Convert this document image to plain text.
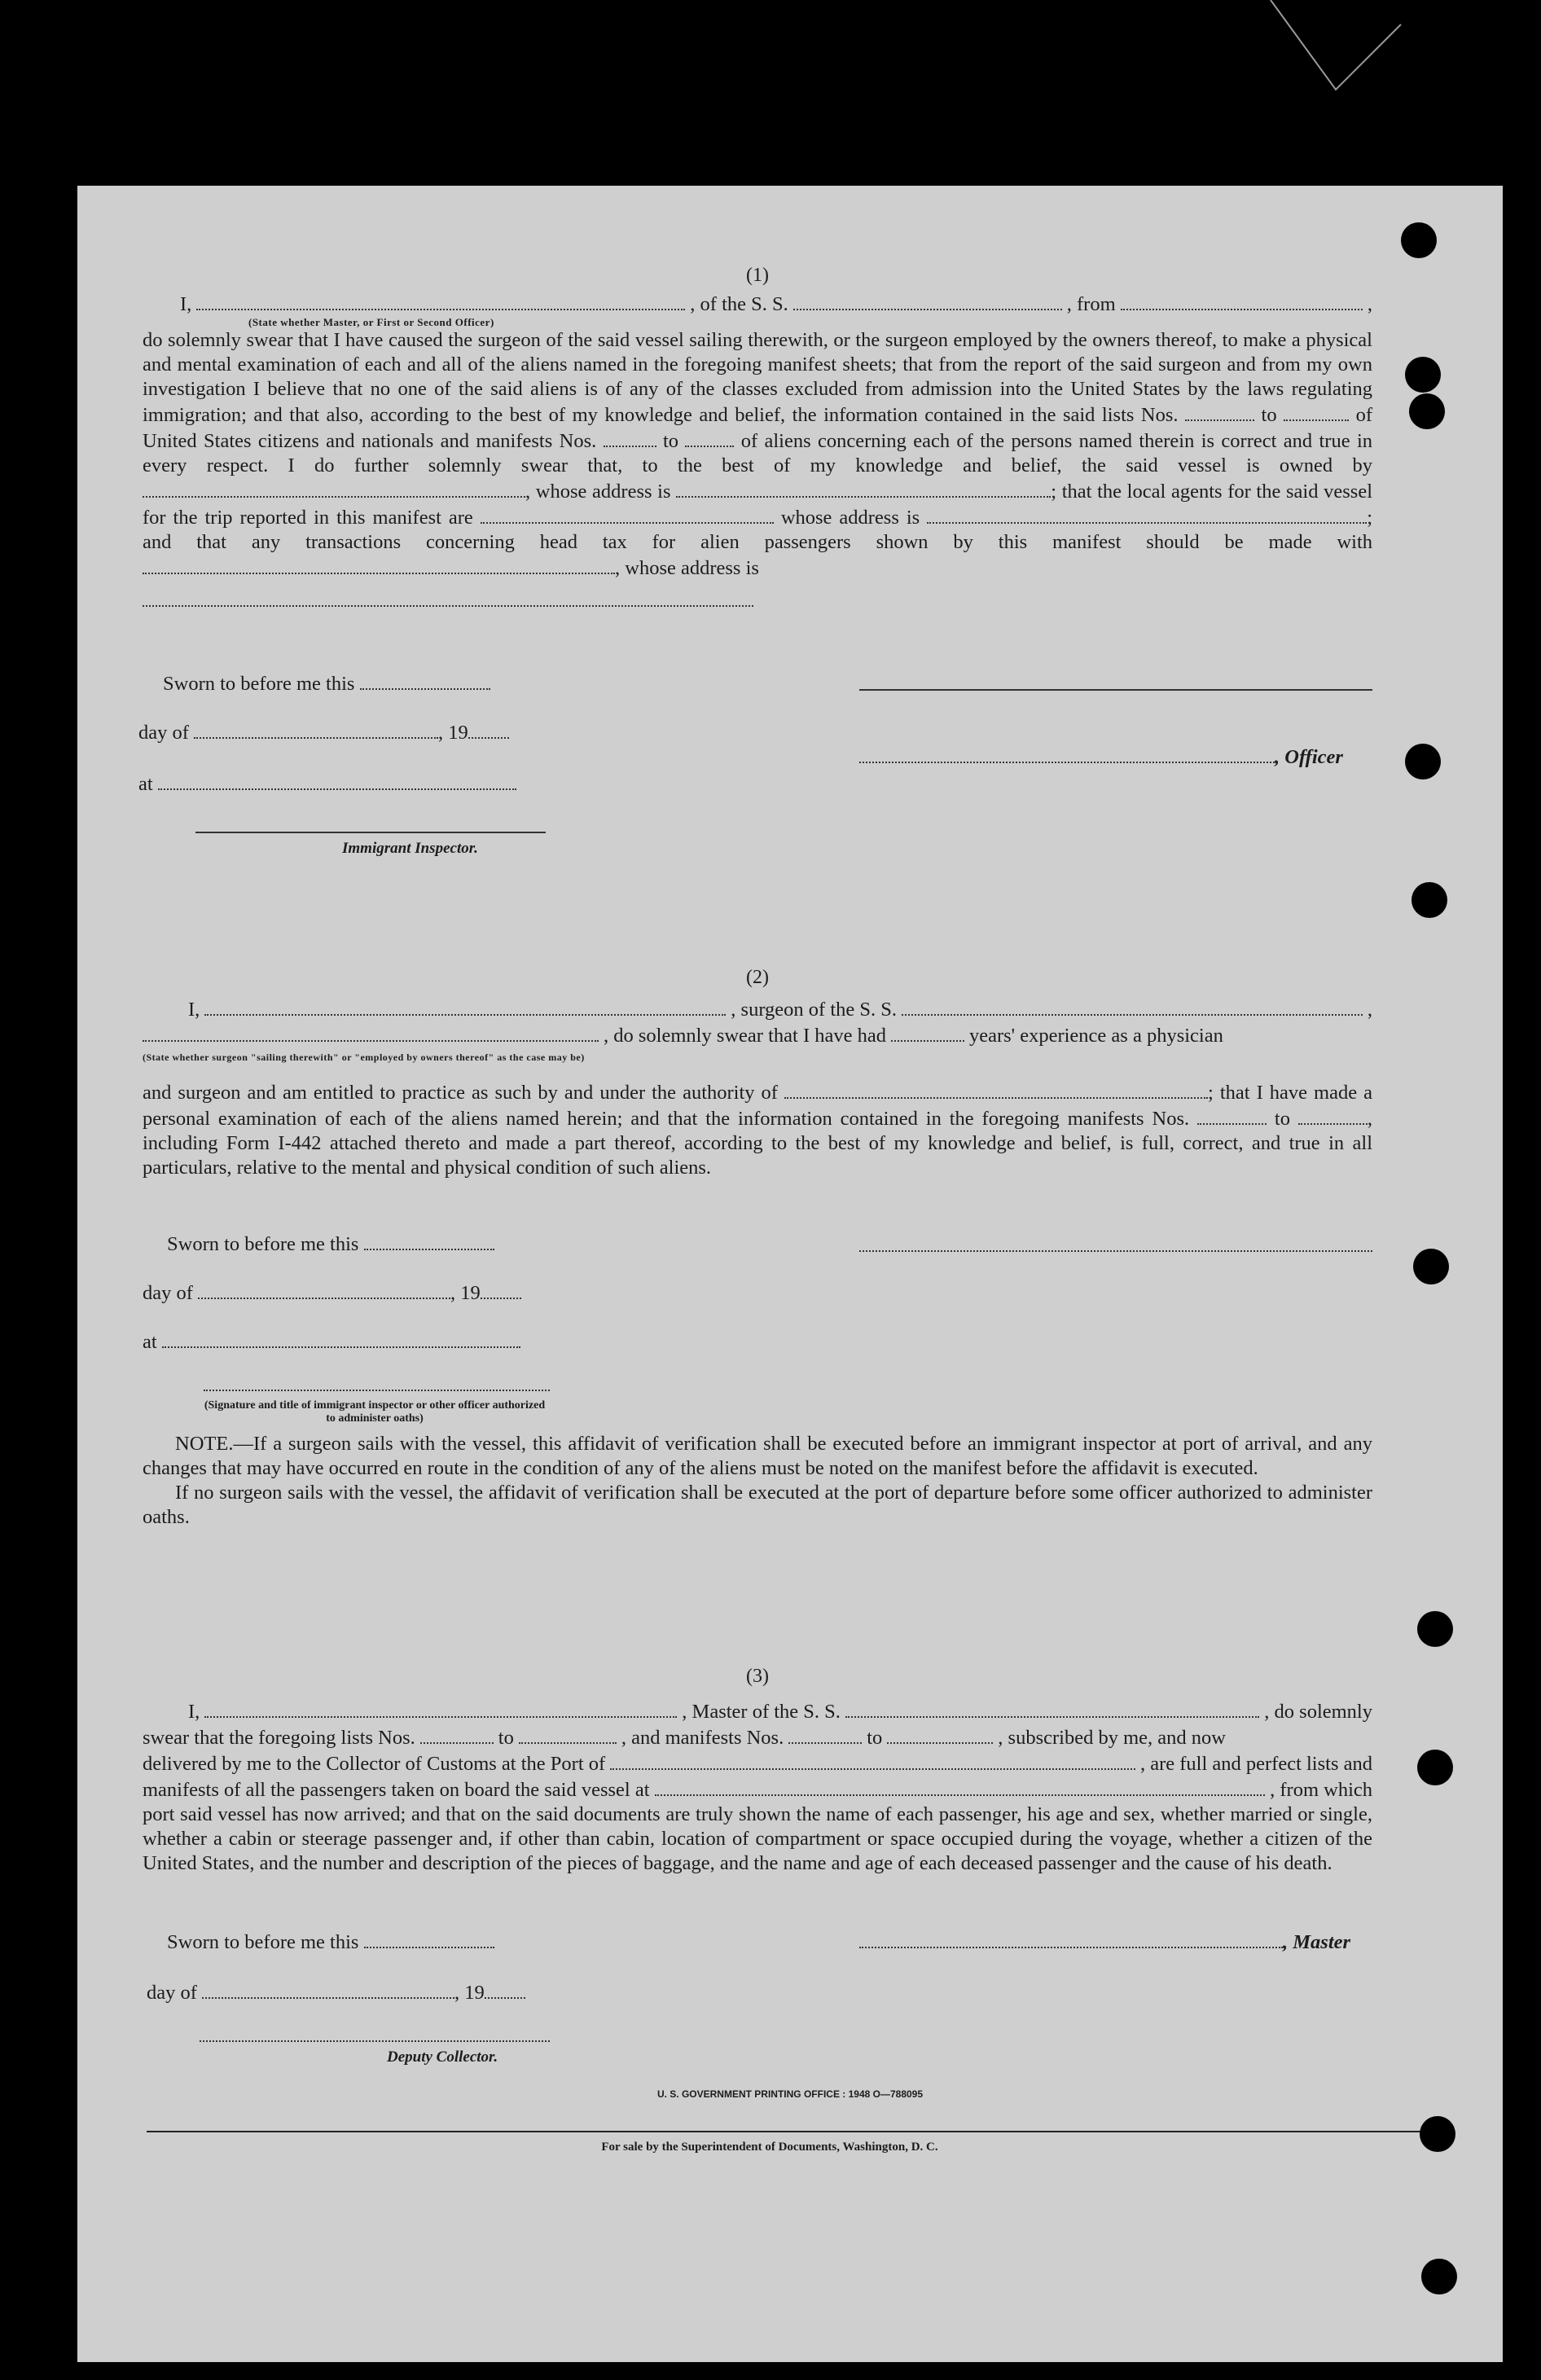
(1)

I,	, of the S. S.	, from	,
(State whether Master, or First or Second Officer)

do solemnly swear that I have caused the surgeon of the said vessel sailing therewith, or the surgeon employed by the owners thereof, to make a physical and mental examination of each and all of the aliens named in the foregoing manifest sheets; that from the report of the said surgeon and from my own investigation I believe that no one of the said aliens is of any of the classes excluded from admission into the United States by the laws regulating immigration; and that also, according to the best of my knowledge and belief, the information contained in the said lists Nos.	to	of United States citizens and nationals and manifests Nos.	to	of aliens concerning each of the persons named therein is correct and true in every respect. I do further solemnly swear that, to the best of my knowledge and belief, the said vessel is owned by , whose address is	; that the local agents for the said vessel for the trip reported in this manifest are	whose address is	; and that any transactions concerning head tax for alien passengers shown by this manifest should be made with , whose address is

Sworn to before me this
day of	, 19
, Officer
at
Immigrant Inspector.

(2)

I,	, surgeon of the S. S.	,
, do solemnly swear that I have had	years' experience as a physician
(State whether surgeon "sailing therewith" or "employed by owners thereof" as the case may be)

and surgeon and am entitled to practice as such by and under the authority of	; that I have made a personal examination of each of the aliens named herein; and that the information contained in the foregoing manifests Nos.	to	, including Form I-442 attached thereto and made a part thereof, according to the best of my knowledge and belief, is full, correct, and true in all particulars, relative to the mental and physical condition of such aliens.

Sworn to before me this
day of	, 19
at
(Signature and title of immigrant inspector or other officer authorized to administer oaths)

NOTE.—If a surgeon sails with the vessel, this affidavit of verification shall be executed before an immigrant inspector at port of arrival, and any changes that may have occurred en route in the condition of any of the aliens must be noted on the manifest before the affidavit is executed.

If no surgeon sails with the vessel, the affidavit of verification shall be executed at the port of departure before some officer authorized to administer oaths.

(3)

I,	, Master of the S. S.	, do solemnly
swear that the foregoing lists Nos.	to	, and manifests Nos.	to	, subscribed by me, and now
delivered by me to the Collector of Customs at the Port of	, are full and perfect lists and
manifests of all the passengers taken on board the said vessel at	, from which

port said vessel has now arrived; and that on the said documents are truly shown the name of each passenger, his age and sex, whether married or single, whether a cabin or steerage passenger and, if other than cabin, location of compartment or space occupied during the voyage, whether a citizen of the United States, and the number and description of the pieces of baggage, and the name and age of each deceased passenger and the cause of his death.

Sworn to before me this	, Master
day of	, 19
Deputy Collector.
U. S. GOVERNMENT PRINTING OFFICE : 1948 O—788095
For sale by the Superintendent of Documents, Washington, D. C.
